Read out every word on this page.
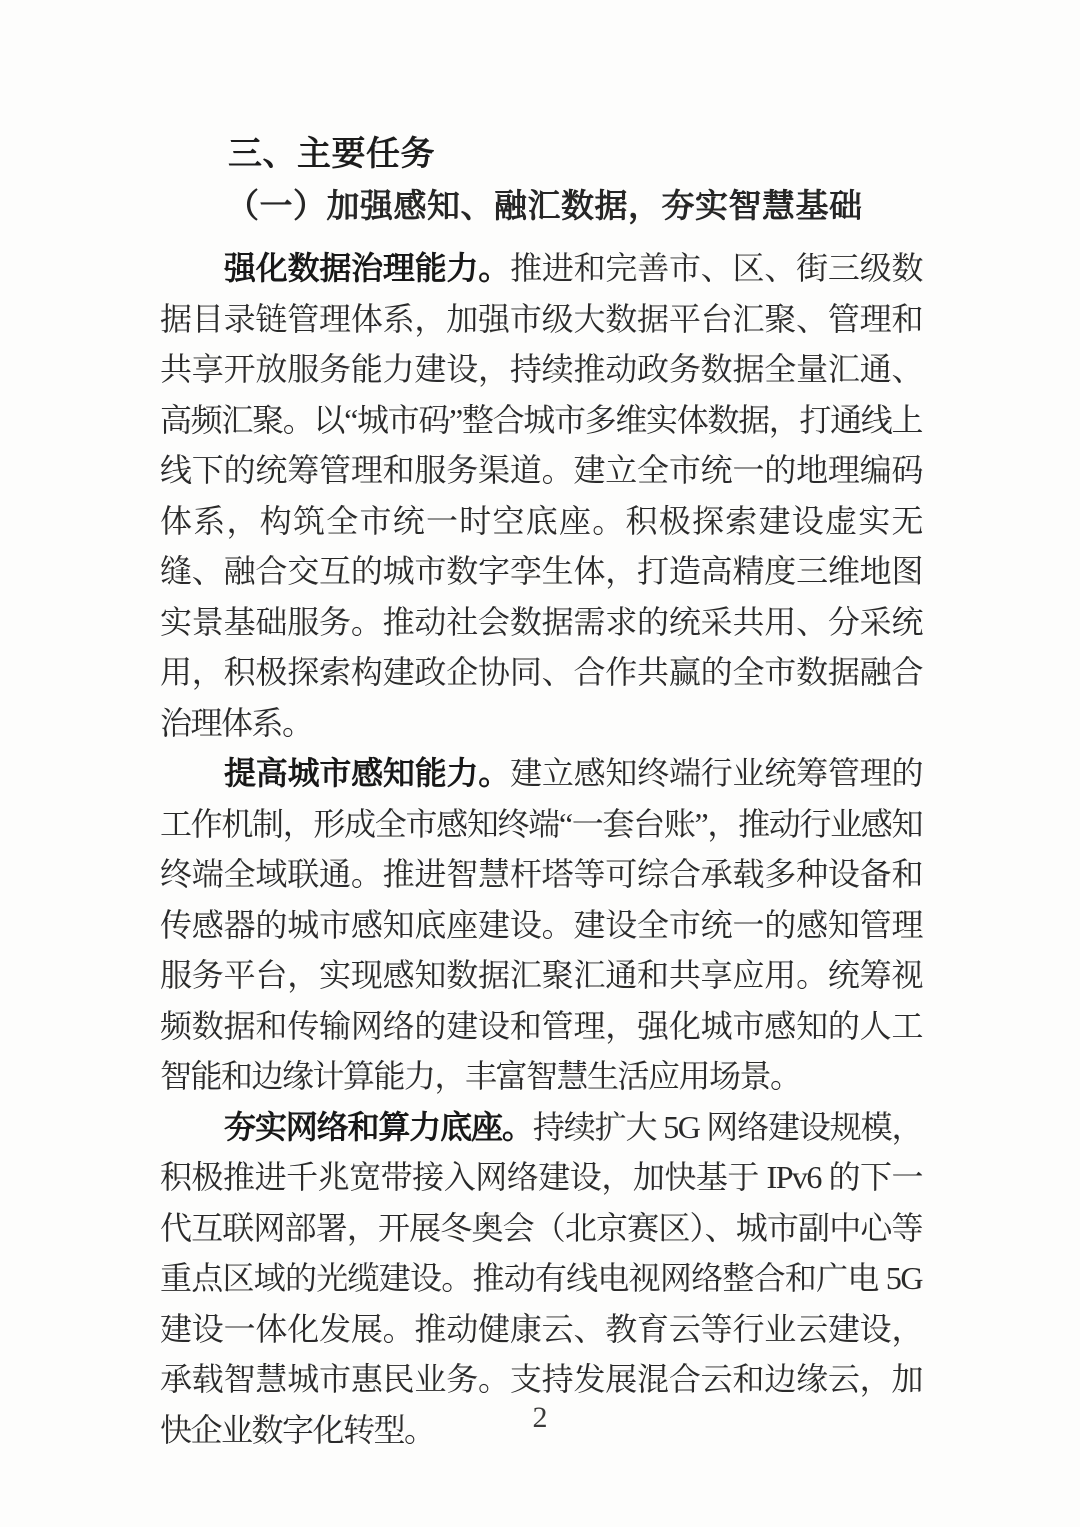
三、主要任务
（一）加强感知、融汇数据，夯实智慧基础

强化数据治理能力。推进和完善市、区、街三级数据目录链管理体系，加强市级大数据平台汇聚、管理和共享开放服务能力建设，持续推动政务数据全量汇通、高频汇聚。以“城市码”整合城市多维实体数据，打通线上线下的统筹管理和服务渠道。建立全市统一的地理编码体系，构筑全市统一时空底座。积极探索建设虚实无缝、融合交互的城市数字孪生体，打造高精度三维地图实景基础服务。推动社会数据需求的统采共用、分采统用，积极探索构建政企协同、合作共赢的全市数据融合治理体系。

提高城市感知能力。建立感知终端行业统筹管理的工作机制，形成全市感知终端“一套台账”，推动行业感知终端全域联通。推进智慧杆塔等可综合承载多种设备和传感器的城市感知底座建设。建设全市统一的感知管理服务平台，实现感知数据汇聚汇通和共享应用。统筹视频数据和传输网络的建设和管理，强化城市感知的人工智能和边缘计算能力，丰富智慧生活应用场景。

夯实网络和算力底座。持续扩大 5G 网络建设规模，积极推进千兆宽带接入网络建设，加快基于 IPv6 的下一代互联网部署，开展冬奥会（北京赛区）、城市副中心等重点区域的光缆建设。推动有线电视网络整合和广电 5G 建设一体化发展。推动健康云、教育云等行业云建设，承载智慧城市惠民业务。支持发展混合云和边缘云，加快企业数字化转型。	2
